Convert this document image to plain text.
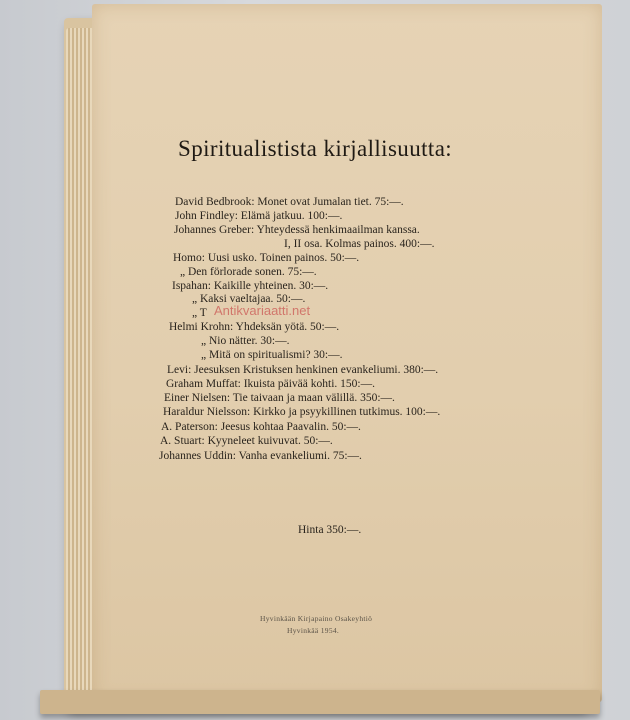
Spiritualistista kirjallisuutta:
David Bedbrook: Monet ovat Jumalan tiet. 75:—.
John Findley: Elämä jatkuu. 100:—.
Johannes Greber: Yhteydessä henkimaailman kanssa.
I, II osa. Kolmas painos. 400:—.
Homo: Uusi usko. Toinen painos. 50:—.
„ Den förlorade sonen. 75:—.
Ispahan: Kaikille yhteinen. 30:—.
„ Kaksi vaeltajaa. 50:—.
„ T
Helmi Krohn: Yhdeksän yötä. 50:—.
„ Nio nätter. 30:—.
„ Mitä on spiritualismi? 30:—.
Levi: Jeesuksen Kristuksen henkinen evankeliumi. 380:—.
Graham Muffat: Ikuista päivää kohti. 150:—.
Einer Nielsen: Tie taivaan ja maan välillä. 350:—.
Haraldur Nielsson: Kirkko ja psyykillinen tutkimus. 100:—.
A. Paterson: Jeesus kohtaa Paavalin. 50:—.
A. Stuart: Kyyneleet kuivuvat. 50:—.
Johannes Uddin: Vanha evankeliumi. 75:—.
Antikvariaatti.net
Hinta 350:—.
Hyvinkään Kirjapaino Osakeyhtiö
Hyvinkää 1954.
